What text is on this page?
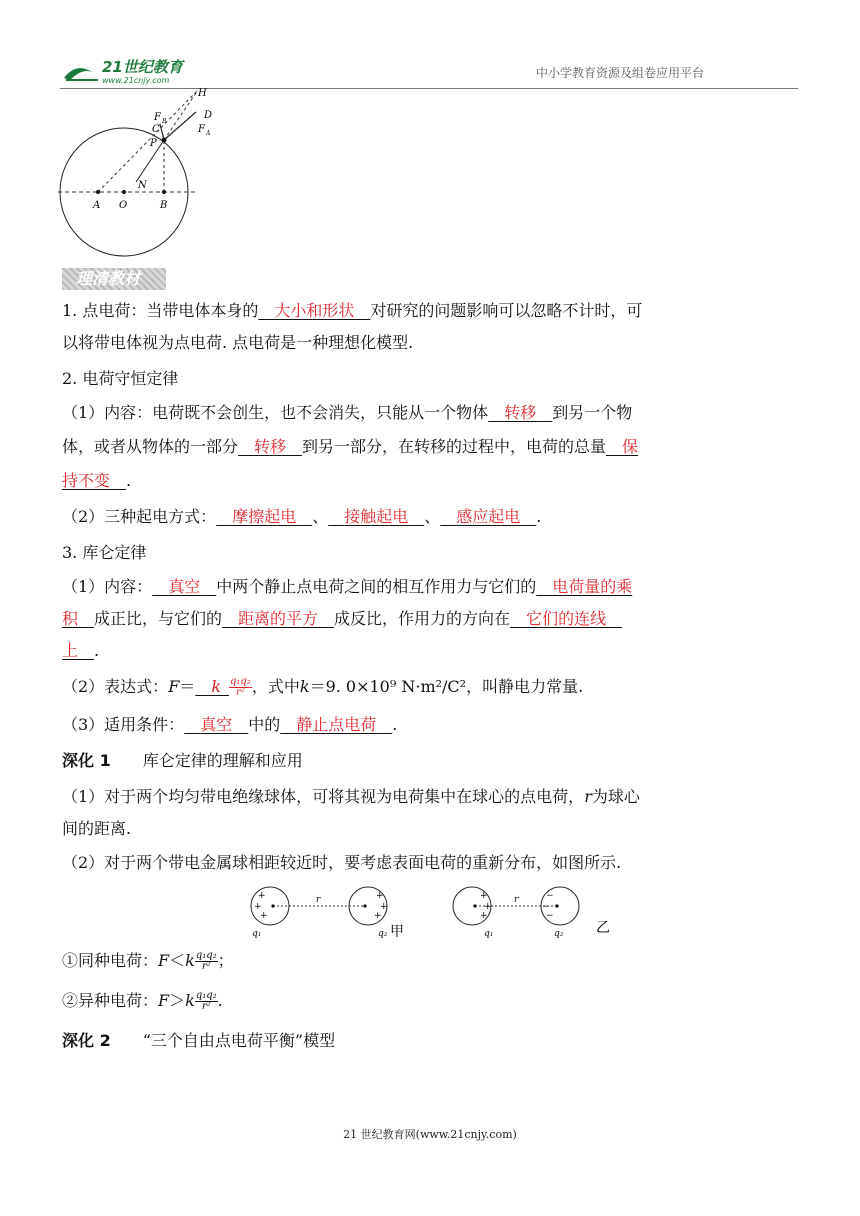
21世纪教育
www.21cnjy.com
中小学教育资源及组卷应用平台
H
F B
D
F A
C
P
N
A O	B
理清教材
1. 点电荷：当带电体本身的   大小和形状   对研究的问题影响可以忽略不计时，可
以将带电体视为点电荷. 点电荷是一种理想化模型.
2. 电荷守恒定律
（1）内容：电荷既不会创生，也不会消失，只能从一个物体   转移   到另一个物
体，或者从物体的一部分   转移   到另一部分，在转移的过程中，电荷的总量   保
持不变   .
（2）三种起电方式：   摩擦起电   、   接触起电   、   感应起电   .
3. 库仑定律
（1）内容：   真空   中两个静止点电荷之间的相互作用力与它们的   电荷量的乘
积   成正比，与它们的   距离的平方   成反比，作用力的方向在   它们的连线  
上   .
（2）表达式：F＝   k  $\frac{\text{q₁q₂}}{\text{r²}}$ ，式中k＝9. 0×10⁹ N·m²/C²，叫静电力常量.
（3）适用条件：   真空   中的   静止点电荷   .
深化 1   库仑定律的理解和应用
（1）对于两个均匀带电绝缘球体，可将其视为电荷集中在球心的点电荷，r为球心
间的距离.
（2）对于两个带电金属球相距较近时，要考虑表面电荷的重新分布，如图所示.
+
+
+
+
+
+
r
q₁	q₂ 甲
+
+
+
−
−
−
r
q₁	q₂ 乙
①同种电荷：$F<k \frac{\text{q₁q₂}}{\text{r²}}$ ；
②异种电荷：$F>k \frac{\text{q₁q₂}}{\text{r²}}$ .
深化 2   “三个自由点电荷平衡”模型
21 世纪教育网(www.21cnjy.com)
